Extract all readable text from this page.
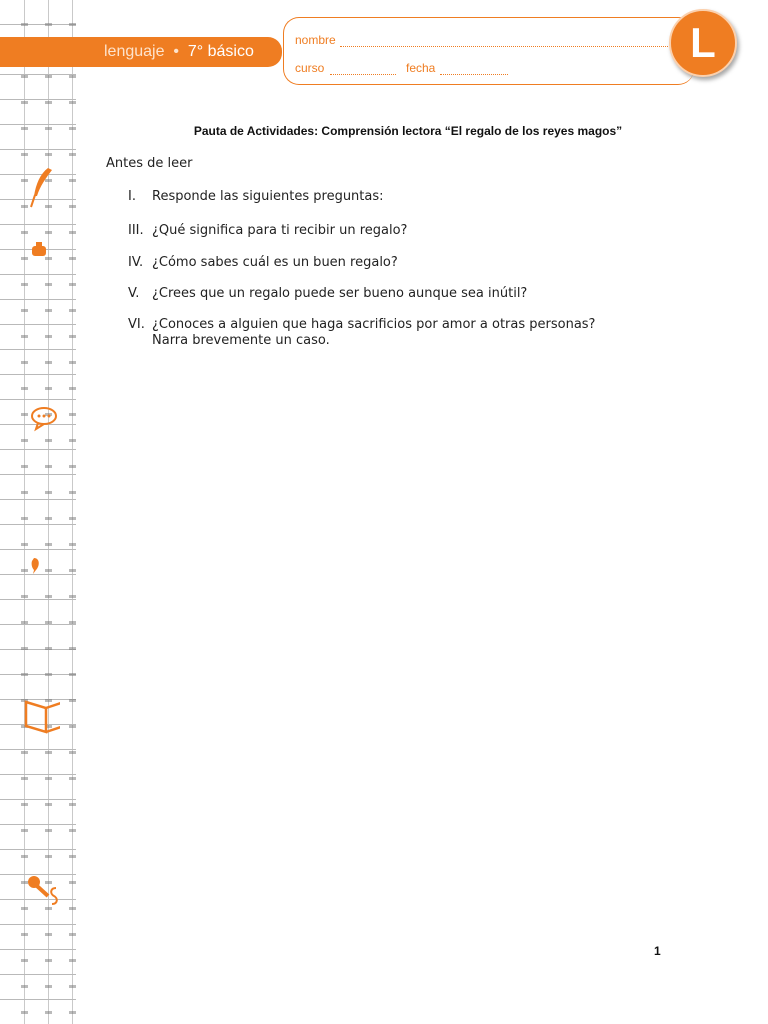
lenguaje • 7° básico
nombre
curso	fecha
L
Pauta de Actividades: Comprensión lectora “El regalo de los reyes magos”
Antes de leer
I. Responde las siguientes preguntas:
III. ¿Qué significa para ti recibir un regalo?
IV. ¿Cómo sabes cuál es un buen regalo?
V. ¿Crees que un regalo puede ser bueno aunque sea inútil?
VI. ¿Conoces a alguien que haga sacrificios por amor a otras personas? Narra brevemente un caso.
1
